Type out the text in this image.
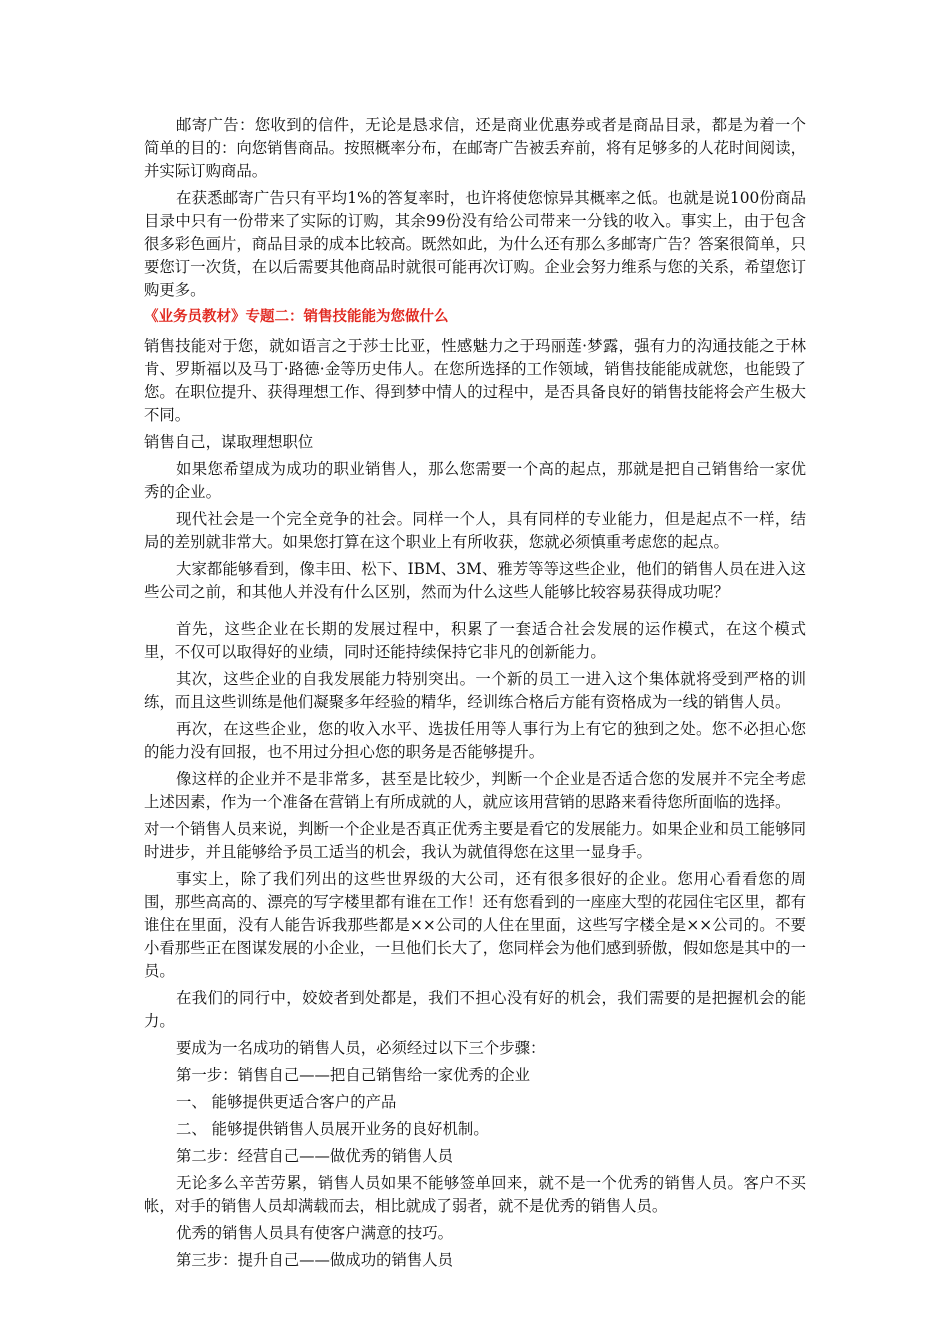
邮寄广告：您收到的信件，无论是恳求信，还是商业优惠券或者是商品目录，都是为着一个简单的目的：向您销售商品。按照概率分布，在邮寄广告被丢弃前，将有足够多的人花时间阅读，并实际订购商品。

在获悉邮寄广告只有平均1%的答复率时，也许将使您惊异其概率之低。也就是说100份商品目录中只有一份带来了实际的订购，其余99份没有给公司带来一分钱的收入。事实上，由于包含很多彩色画片，商品目录的成本比较高。既然如此，为什么还有那么多邮寄广告？答案很简单，只要您订一次货，在以后需要其他商品时就很可能再次订购。企业会努力维系与您的关系，希望您订购更多。

《业务员教材》专题二：销售技能能为您做什么

销售技能对于您，就如语言之于莎士比亚，性感魅力之于玛丽莲·梦露，强有力的沟通技能之于林肯、罗斯福以及马丁·路德·金等历史伟人。在您所选择的工作领域，销售技能能成就您，也能毁了您。在职位提升、获得理想工作、得到梦中情人的过程中，是否具备良好的销售技能将会产生极大不同。

销售自己，谋取理想职位

如果您希望成为成功的职业销售人，那么您需要一个高的起点，那就是把自己销售给一家优秀的企业。

现代社会是一个完全竞争的社会。同样一个人，具有同样的专业能力，但是起点不一样，结局的差别就非常大。如果您打算在这个职业上有所收获，您就必须慎重考虑您的起点。

大家都能够看到，像丰田、松下、IBM、3M、雅芳等等这些企业，他们的销售人员在进入这些公司之前，和其他人并没有什么区别，然而为什么这些人能够比较容易获得成功呢？

首先，这些企业在长期的发展过程中，积累了一套适合社会发展的运作模式，在这个模式里，不仅可以取得好的业绩，同时还能持续保持它非凡的创新能力。

其次，这些企业的自我发展能力特别突出。一个新的员工一进入这个集体就将受到严格的训练，而且这些训练是他们凝聚多年经验的精华，经训练合格后方能有资格成为一线的销售人员。

再次，在这些企业，您的收入水平、选拔任用等人事行为上有它的独到之处。您不必担心您的能力没有回报，也不用过分担心您的职务是否能够提升。

像这样的企业并不是非常多，甚至是比较少，判断一个企业是否适合您的发展并不完全考虑上述因素，作为一个准备在营销上有所成就的人，就应该用营销的思路来看待您所面临的选择。

对一个销售人员来说，判断一个企业是否真正优秀主要是看它的发展能力。如果企业和员工能够同时进步，并且能够给予员工适当的机会，我认为就值得您在这里一显身手。

事实上，除了我们列出的这些世界级的大公司，还有很多很好的企业。您用心看看您的周围，那些高高的、漂亮的写字楼里都有谁在工作！还有您看到的一座座大型的花园住宅区里，都有谁住在里面，没有人能告诉我那些都是××公司的人住在里面，这些写字楼全是××公司的。不要小看那些正在图谋发展的小企业，一旦他们长大了，您同样会为他们感到骄傲，假如您是其中的一员。

在我们的同行中，姣姣者到处都是，我们不担心没有好的机会，我们需要的是把握机会的能力。

要成为一名成功的销售人员，必须经过以下三个步骤：

第一步：销售自己——把自己销售给一家优秀的企业

一、 能够提供更适合客户的产品

二、 能够提供销售人员展开业务的良好机制。

第二步：经营自己——做优秀的销售人员

无论多么辛苦劳累，销售人员如果不能够签单回来，就不是一个优秀的销售人员。客户不买帐，对手的销售人员却满载而去，相比就成了弱者，就不是优秀的销售人员。

优秀的销售人员具有使客户满意的技巧。

第三步：提升自己——做成功的销售人员
